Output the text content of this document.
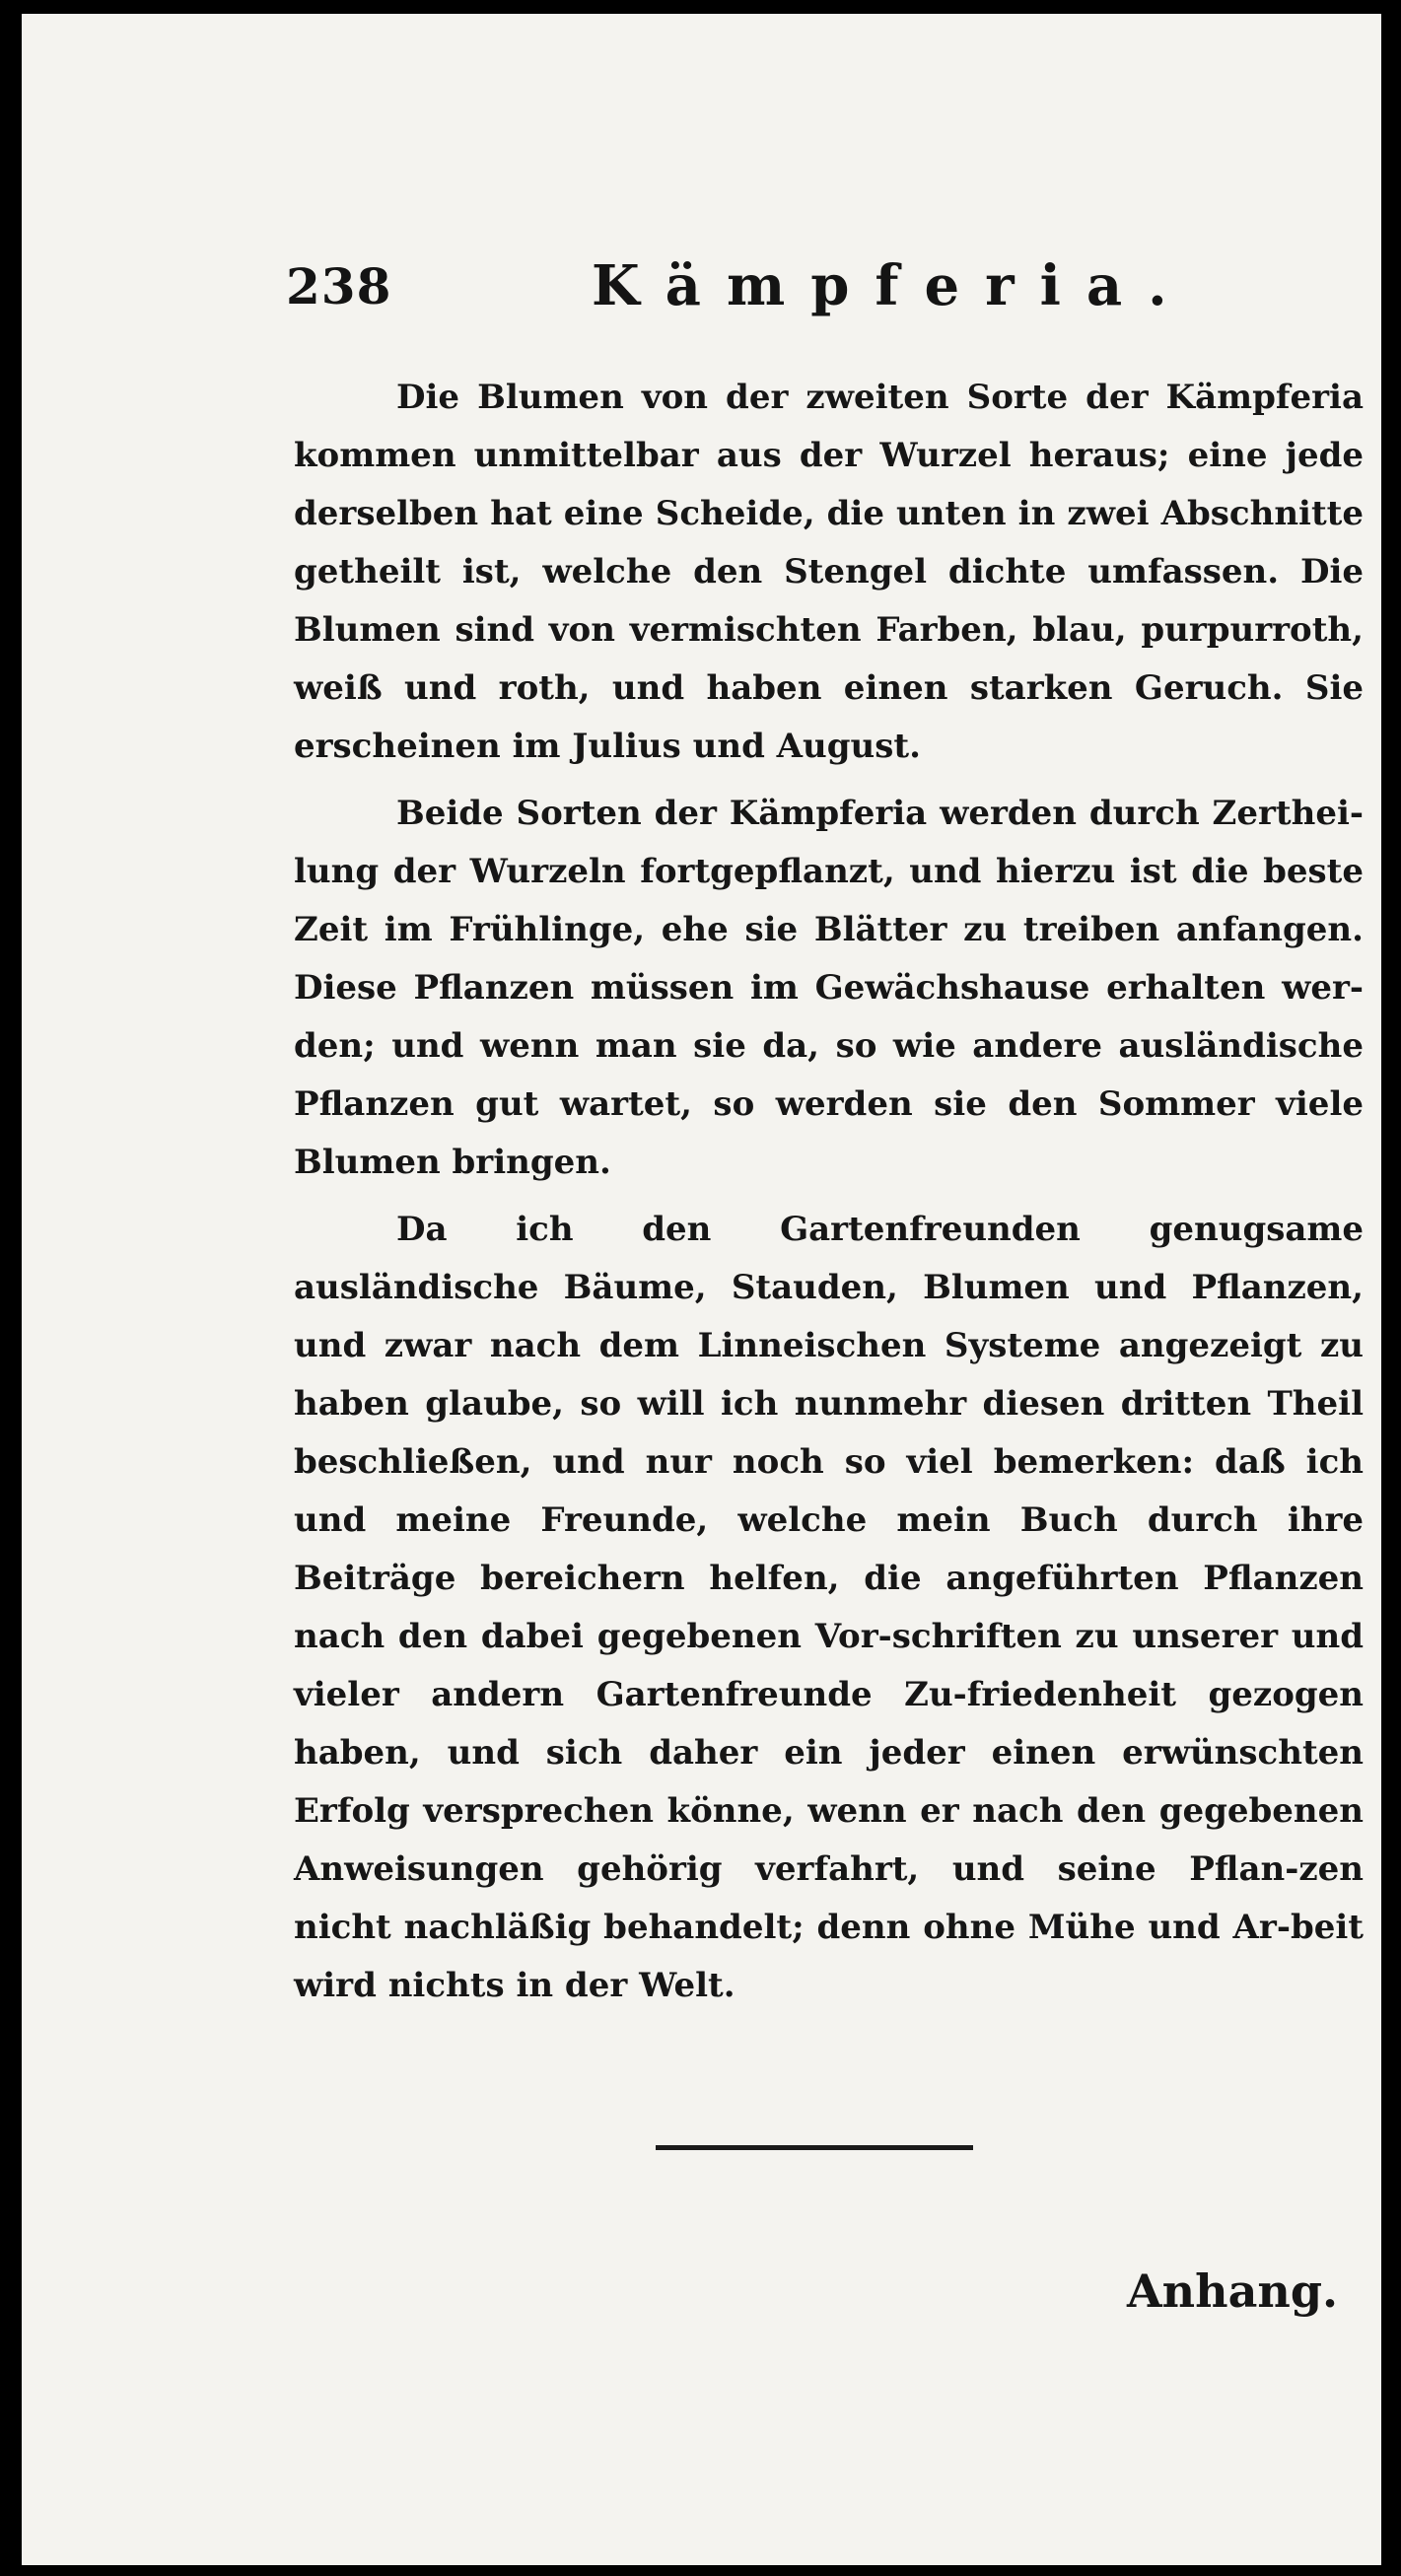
238	Kämpferia.

Die Blumen von der zweiten Sorte der Kämpferia kommen unmittelbar aus der Wurzel heraus; eine jede derselben hat eine Scheide, die unten in zwei Abschnitte getheilt ist, welche den Stengel dichte umfassen. Die Blumen sind von vermischten Farben, blau, purpurroth, weiß und roth, und haben einen starken Geruch. Sie erscheinen im Julius und August.

Beide Sorten der Kämpferia werden durch Zerthei-lung der Wurzeln fortgepflanzt, und hierzu ist die beste Zeit im Frühlinge, ehe sie Blätter zu treiben anfangen. Diese Pflanzen müssen im Gewächshause erhalten wer-den; und wenn man sie da, so wie andere ausländische Pflanzen gut wartet, so werden sie den Sommer viele Blumen bringen.

Da ich den Gartenfreunden genugsame ausländische Bäume, Stauden, Blumen und Pflanzen, und zwar nach dem Linneischen Systeme angezeigt zu haben glaube, so will ich nunmehr diesen dritten Theil beschließen, und nur noch so viel bemerken: daß ich und meine Freunde, welche mein Buch durch ihre Beiträge bereichern helfen, die angeführten Pflanzen nach den dabei gegebenen Vor-schriften zu unserer und vieler andern Gartenfreunde Zu-friedenheit gezogen haben, und sich daher ein jeder einen erwünschten Erfolg versprechen könne, wenn er nach den gegebenen Anweisungen gehörig verfahrt, und seine Pflan-zen nicht nachläßig behandelt; denn ohne Mühe und Ar-beit wird nichts in der Welt.

Anhang.
